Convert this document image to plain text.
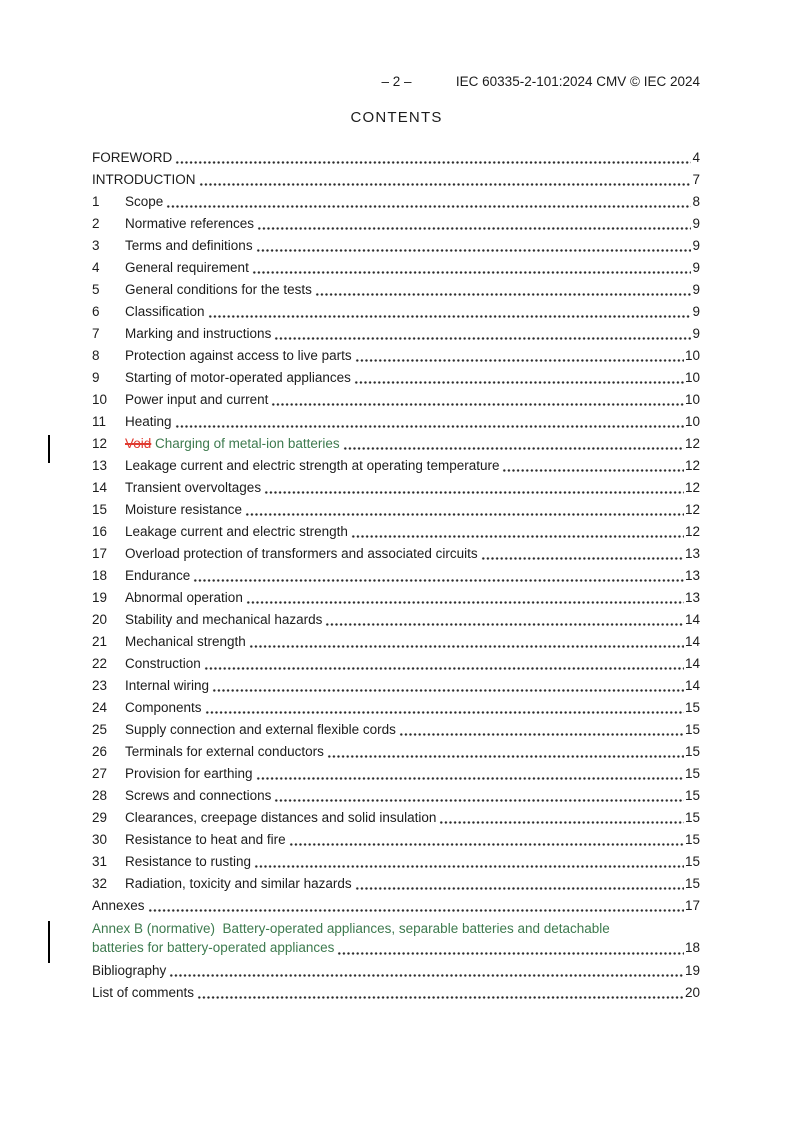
– 2 –	IEC 60335-2-101:2024 CMV © IEC 2024
CONTENTS
FOREWORD	4
INTRODUCTION	7
1	Scope	8
2	Normative references	9
3	Terms and definitions	9
4	General requirement	9
5	General conditions for the tests	9
6	Classification	9
7	Marking and instructions	9
8	Protection against access to live parts	10
9	Starting of motor-operated appliances	10
10	Power input and current	10
11	Heating	10
12	Void Charging of metal-ion batteries	12
13	Leakage current and electric strength at operating temperature	12
14	Transient overvoltages	12
15	Moisture resistance	12
16	Leakage current and electric strength	12
17	Overload protection of transformers and associated circuits	13
18	Endurance	13
19	Abnormal operation	13
20	Stability and mechanical hazards	14
21	Mechanical strength	14
22	Construction	14
23	Internal wiring	14
24	Components	15
25	Supply connection and external flexible cords	15
26	Terminals for external conductors	15
27	Provision for earthing	15
28	Screws and connections	15
29	Clearances, creepage distances and solid insulation	15
30	Resistance to heat and fire	15
31	Resistance to rusting	15
32	Radiation, toxicity and similar hazards	15
Annexes	17
Annex B (normative)  Battery-operated appliances, separable batteries and detachable
batteries for battery-operated appliances	18
Bibliography	19
List of comments	20
